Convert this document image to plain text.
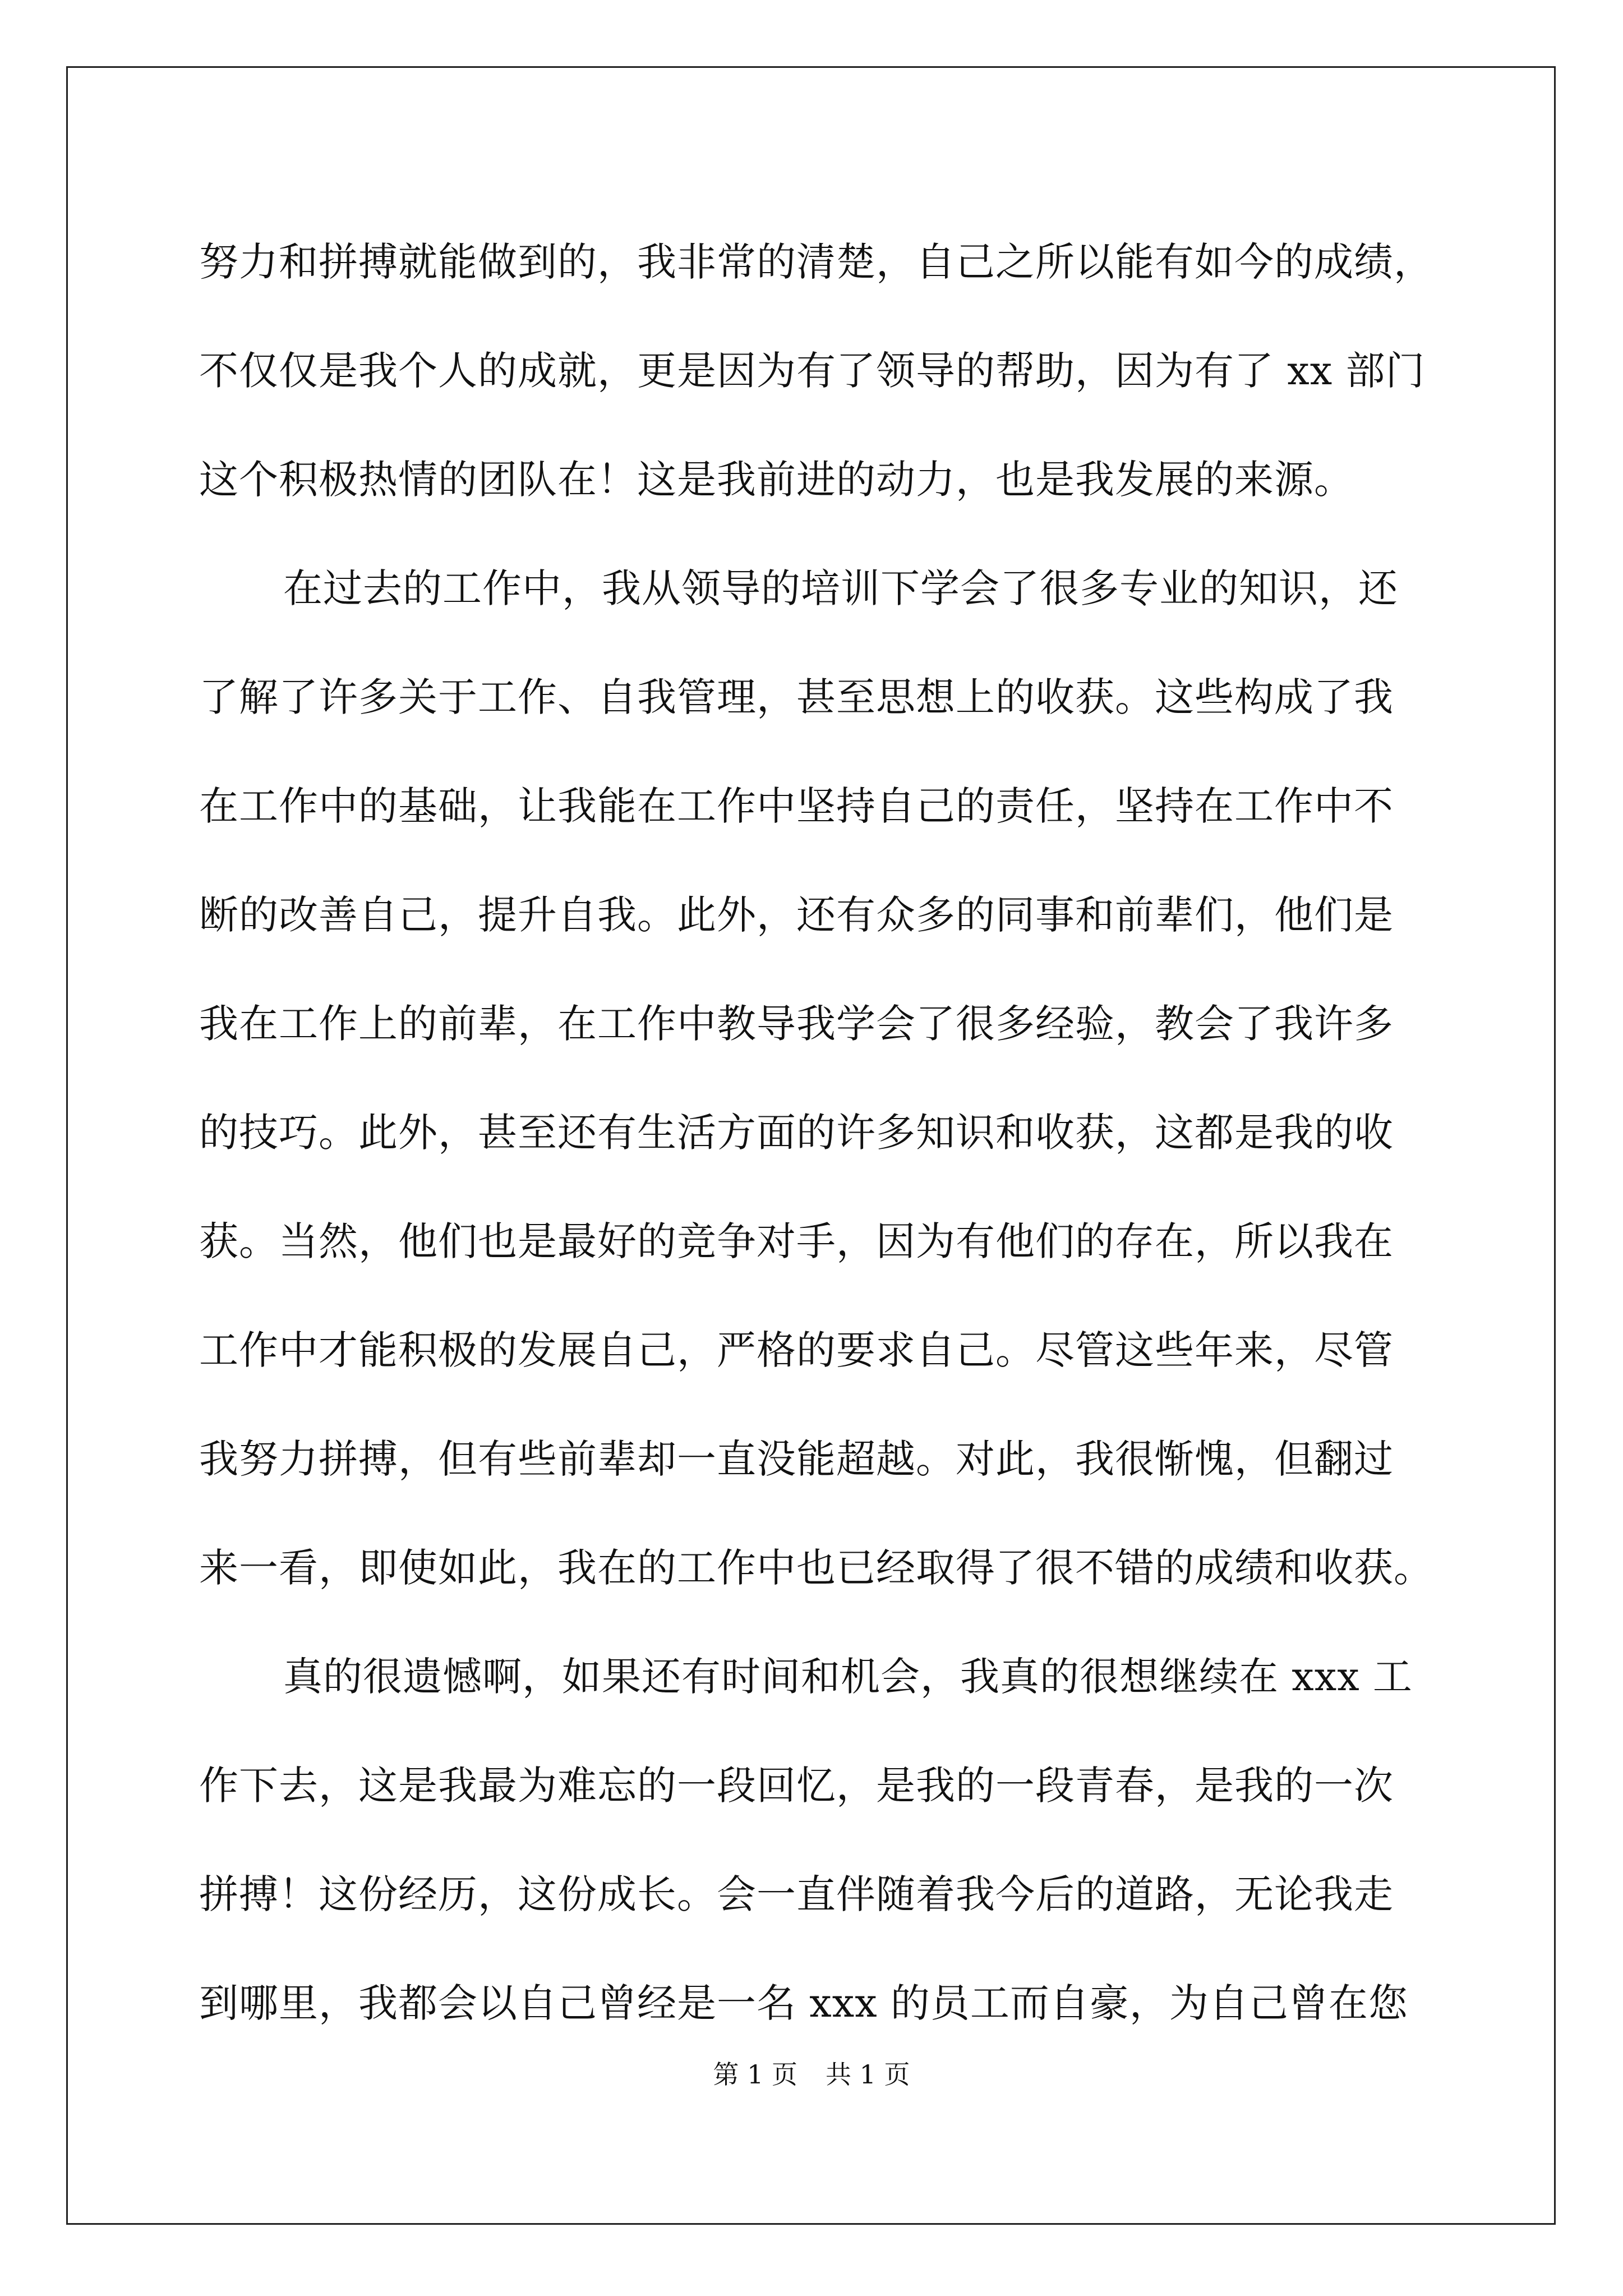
努力和拼搏就能做到的，我非常的清楚，自己之所以能有如今的成绩，
不仅仅是我个人的成就，更是因为有了领导的帮助，因为有了 xx 部门
这个积极热情的团队在！这是我前进的动力，也是我发展的来源。
在过去的工作中，我从领导的培训下学会了很多专业的知识，还
了解了许多关于工作、自我管理，甚至思想上的收获。这些构成了我
在工作中的基础，让我能在工作中坚持自己的责任，坚持在工作中不
断的改善自己，提升自我。此外，还有众多的同事和前辈们，他们是
我在工作上的前辈，在工作中教导我学会了很多经验，教会了我许多
的技巧。此外，甚至还有生活方面的许多知识和收获，这都是我的收
获。当然，他们也是最好的竞争对手，因为有他们的存在，所以我在
工作中才能积极的发展自己，严格的要求自己。尽管这些年来，尽管
我努力拼搏，但有些前辈却一直没能超越。对此，我很惭愧，但翻过
来一看，即使如此，我在的工作中也已经取得了很不错的成绩和收获。
真的很遗憾啊，如果还有时间和机会，我真的很想继续在 xxx 工
作下去，这是我最为难忘的一段回忆，是我的一段青春，是我的一次
拼搏！这份经历，这份成长。会一直伴随着我今后的道路，无论我走
到哪里，我都会以自己曾经是一名 xxx 的员工而自豪，为自己曾在您
第 1 页 共 1 页
